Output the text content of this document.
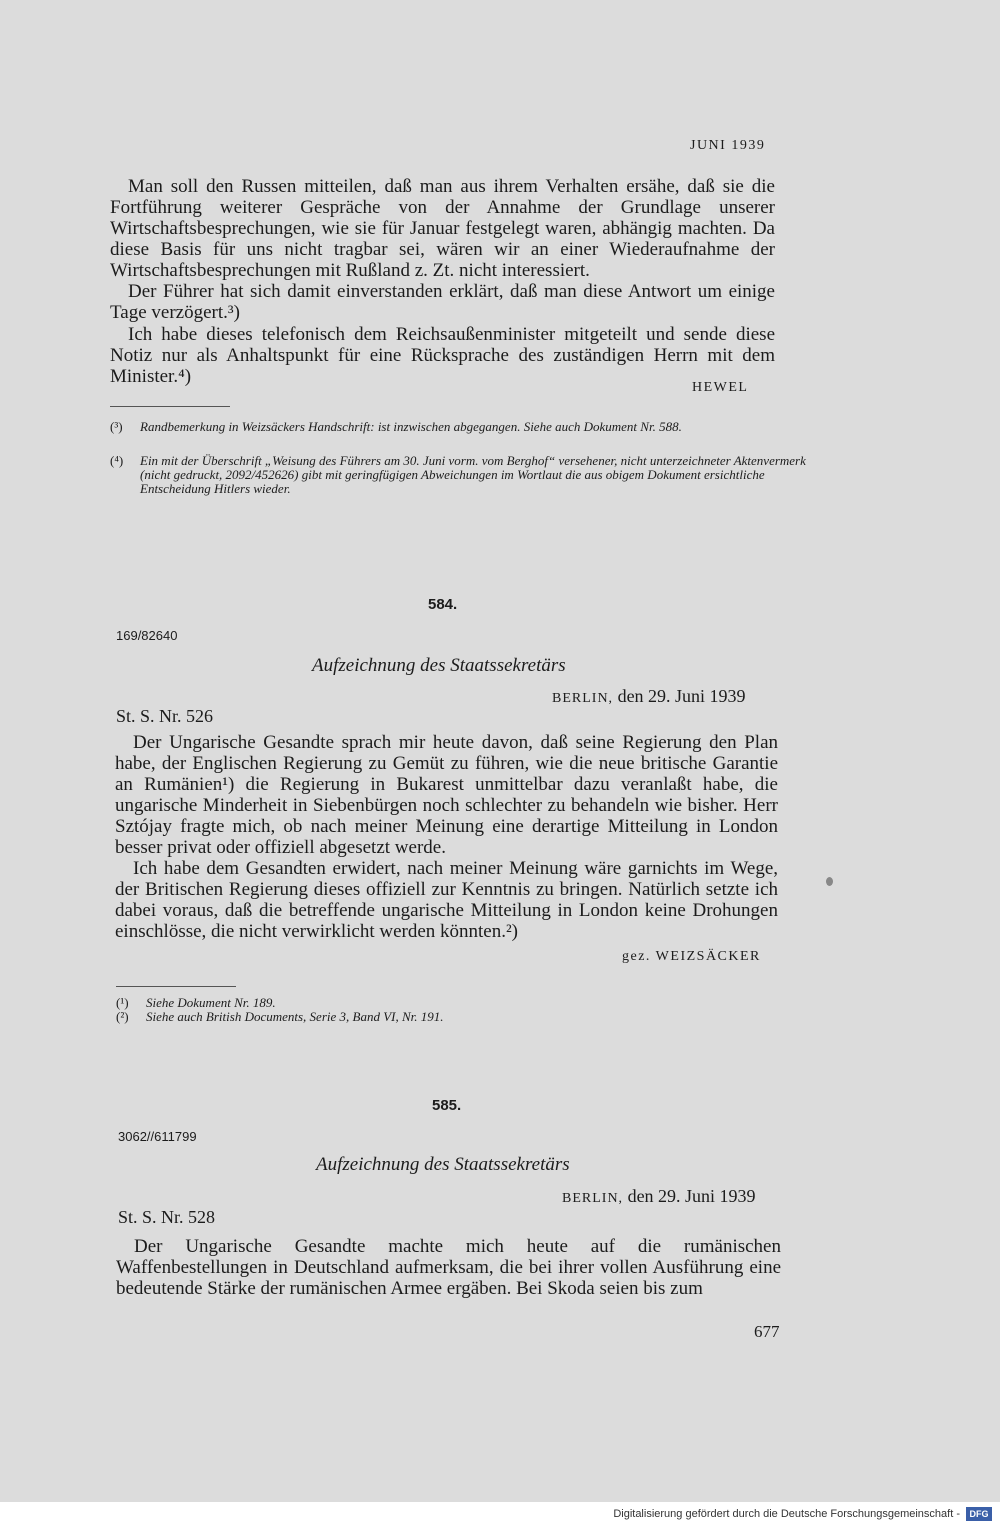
JUNI 1939
Man soll den Russen mitteilen, daß man aus ihrem Verhalten ersähe, daß sie die Fortführung weiterer Gespräche von der Annahme der Grundlage unserer Wirtschaftsbesprechungen, wie sie für Januar festgelegt waren, abhängig machten. Da diese Basis für uns nicht tragbar sei, wären wir an einer Wiederaufnahme der Wirtschaftsbesprechungen mit Rußland z. Zt. nicht interessiert.
Der Führer hat sich damit einverstanden erklärt, daß man diese Antwort um einige Tage verzögert.³)
Ich habe dieses telefonisch dem Reichsaußenminister mitgeteilt und sende diese Notiz nur als Anhaltspunkt für eine Rücksprache des zuständigen Herrn mit dem Minister.⁴)
HEWEL
(³) Randbemerkung in Weizsäckers Handschrift: ist inzwischen abgegangen. Siehe auch Dokument Nr. 588.
(⁴) Ein mit der Überschrift „Weisung des Führers am 30. Juni vorm. vom Berghof“ versehener, nicht unterzeichneter Aktenvermerk (nicht gedruckt, 2092/452626) gibt mit geringfügigen Abweichungen im Wortlaut die aus obigem Dokument ersichtliche Entscheidung Hitlers wieder.
584.
169/82640
Aufzeichnung des Staatssekretärs
BERLIN, den 29. Juni 1939
St. S. Nr. 526
Der Ungarische Gesandte sprach mir heute davon, daß seine Regierung den Plan habe, der Englischen Regierung zu Gemüt zu führen, wie die neue britische Garantie an Rumänien¹) die Regierung in Bukarest unmittelbar dazu veranlaßt habe, die ungarische Minderheit in Siebenbürgen noch schlechter zu behandeln wie bisher. Herr Sztójay fragte mich, ob nach meiner Meinung eine derartige Mitteilung in London besser privat oder offiziell abgesetzt werde.
Ich habe dem Gesandten erwidert, nach meiner Meinung wäre garnichts im Wege, der Britischen Regierung dieses offiziell zur Kenntnis zu bringen. Natürlich setzte ich dabei voraus, daß die betreffende ungarische Mitteilung in London keine Drohungen einschlösse, die nicht verwirklicht werden könnten.²)
gez. WEIZSÄCKER
(¹) Siehe Dokument Nr. 189.
(²) Siehe auch British Documents, Serie 3, Band VI, Nr. 191.
585.
3062//611799
Aufzeichnung des Staatssekretärs
BERLIN, den 29. Juni 1939
St. S. Nr. 528
Der Ungarische Gesandte machte mich heute auf die rumänischen Waffenbestellungen in Deutschland aufmerksam, die bei ihrer vollen Ausführung eine bedeutende Stärke der rumänischen Armee ergäben. Bei Skoda seien bis zum
677
Digitalisierung gefördert durch die Deutsche Forschungsgemeinschaft -	DFG
